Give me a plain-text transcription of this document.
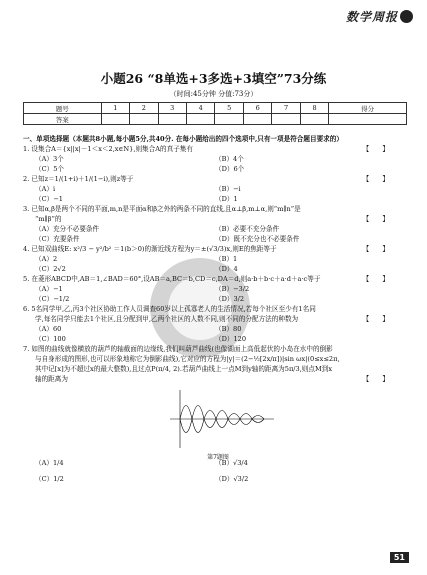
数学周报
小题26 “8单选+3多选+3填空”73分练
（时间:45分钟 分值:73分）
题号	1	2	3	4	5	6	7	8	得分
答案									
一、单项选择题（本题共8小题,每小题5分,共40分. 在每小题给出的四个选项中,只有一项是符合题目要求的）
1. 设集合A＝{x||x|－1＜x＜2,x∈N},则集合A的真子集有	【　　】
（A）3个	（B）4个
（C）5个	（D）6个
2. 已知z＝1/(1+i)＋1/(1−i),则z等于	【　　】
（A）i	（B）−i
（C）−1	（D）1
3. 已知α,β是两个不同的平面,m,n是平面α和β之外的两条不同的直线,且α⊥β,m⊥α,则“m∥n”是
“m∥β”的	【　　】
（A）充分不必要条件	（B）必要不充分条件
（C）充要条件	（D）既不充分也不必要条件
4. 已知双曲线E: x²/3 − y²/b² ＝1(b＞0)的渐近线方程为y＝±(√3/3)x,则E的焦距等于	【　　】
（A）2	（B）1
（C）2√2	（D）4
5. 在菱形ABCD中,AB＝1,∠BAD＝60°,设AB＝a,BC＝b,CD＝c,DA＝d,则a·b＋b·c＋a·d＋a·c等于	【　　】
（A）−1	（B）−3/2
（C）−1/2	（D）3/2
6. 5名同学甲,乙,丙3个社区协助工作人员调查60岁以上孤寡老人的生活情况,若每个社区至少有1名同
学,每名同学只能去1个社区,且分配到甲,乙两个社区的人数不同,则不同的分配方法的种数为	【　　】
（A）60	（B）80
（C）100	（D）120
7. 如图的曲线就像横放的葫芦的轴截面的边缘线,我们叫葫芦曲线(也像湖面上高低起伏的小岛在水中的倒影
与自身形成的图形,也可以形象地称它为倒影曲线),它对应的方程为|y|＝(2−½[2x/π])|sin ωx|(0≤x≤2π,
其中记[x]为不超过x的最大整数),且过点P(π/4, 2).若葫芦曲线上一点M到y轴的距离为5π/3,则点M到x
轴的距离为	【　　】
第7题图
（A）1/4	（B）√3/4
（C）1/2	（D）√3/2
51
